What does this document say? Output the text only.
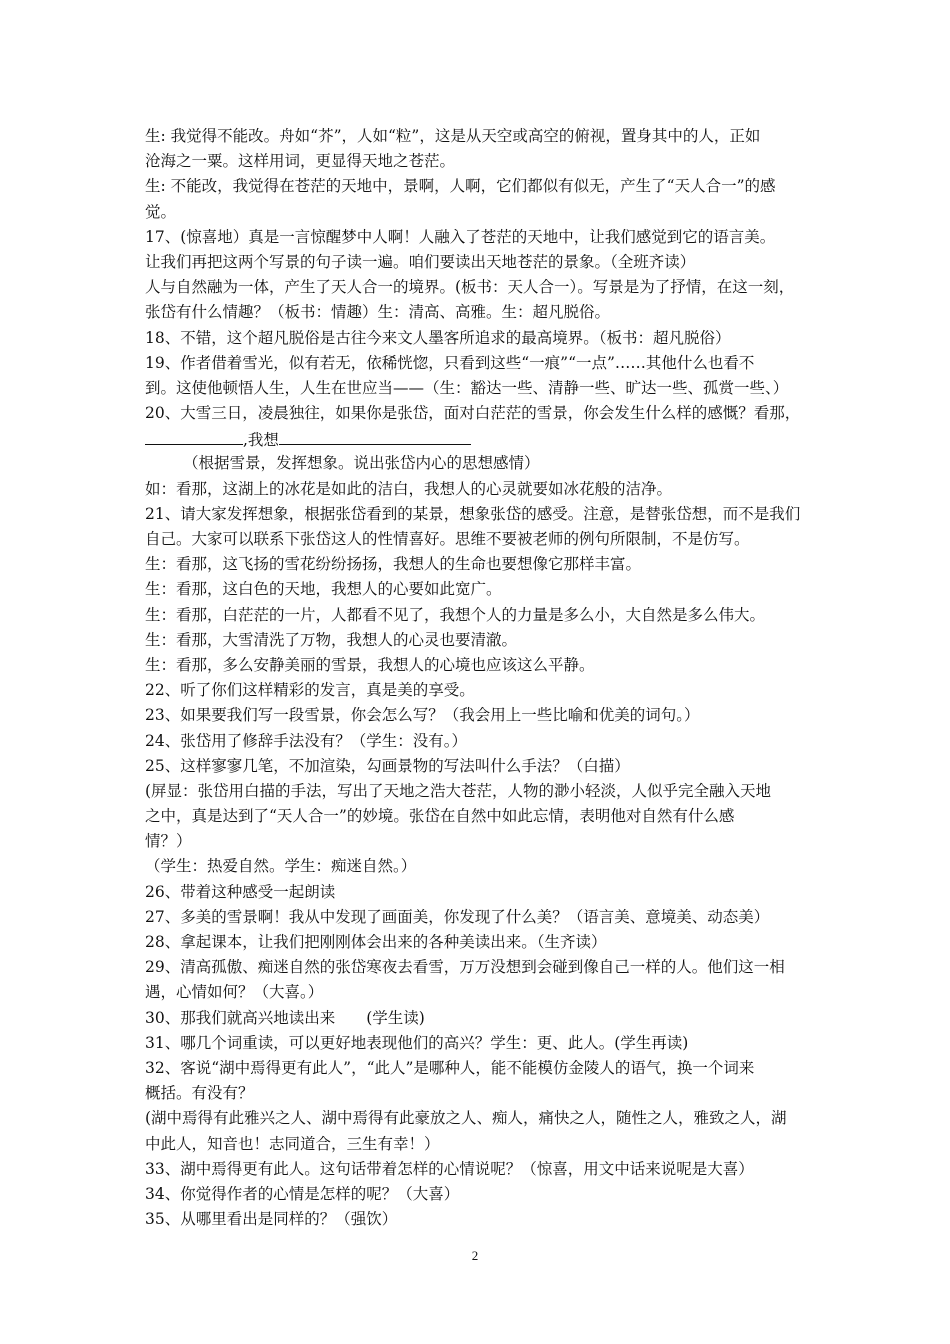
生: 我觉得不能改。舟如“芥”，人如“粒”，这是从天空或高空的俯视，置身其中的人，正如
沧海之一粟。这样用词，更显得天地之苍茫。
生: 不能改，我觉得在苍茫的天地中，景啊，人啊，它们都似有似无，产生了“天人合一”的感
觉。
17、(惊喜地）真是一言惊醒梦中人啊！人融入了苍茫的天地中，让我们感觉到它的语言美。
让我们再把这两个写景的句子读一遍。咱们要读出天地苍茫的景象。（全班齐读）
人与自然融为一体，产生了天人合一的境界。(板书：天人合一）。写景是为了抒情，在这一刻，
张岱有什么情趣？（板书：情趣）生：清高、高雅。生：超凡脱俗。
18、不错，这个超凡脱俗是古往今来文人墨客所追求的最高境界。（板书：超凡脱俗）
19、作者借着雪光，似有若无，依稀恍惚，只看到这些“一痕”“一点”……其他什么也看不
到。这使他顿悟人生，人生在世应当——（生：豁达一些、清静一些、旷达一些、孤赏一些、）
20、大雪三日，凌晨独往，如果你是张岱，面对白茫茫的雪景，你会发生什么样的感慨？看那，
,我想
（根据雪景，发挥想象。说出张岱内心的思想感情）
如：看那，这湖上的冰花是如此的洁白，我想人的心灵就要如冰花般的洁净。
21、请大家发挥想象，根据张岱看到的某景，想象张岱的感受。注意，是替张岱想，而不是我们
自己。大家可以联系下张岱这人的性情喜好。思维不要被老师的例句所限制，不是仿写。
生：看那，这飞扬的雪花纷纷扬扬，我想人的生命也要想像它那样丰富。
生：看那，这白色的天地，我想人的心要如此宽广。
生：看那，白茫茫的一片，人都看不见了，我想个人的力量是多么小，大自然是多么伟大。
生：看那，大雪清洗了万物，我想人的心灵也要清澈。
生：看那，多么安静美丽的雪景，我想人的心境也应该这么平静。
22、听了你们这样精彩的发言，真是美的享受。
23、如果要我们写一段雪景，你会怎么写？（我会用上一些比喻和优美的词句。）
24、张岱用了修辞手法没有？（学生：没有。）
25、这样寥寥几笔，不加渲染，勾画景物的写法叫什么手法？（白描）
(屏显：张岱用白描的手法，写出了天地之浩大苍茫，人物的渺小轻淡，人似乎完全融入天地
之中，真是达到了“天人合一”的妙境。张岱在自然中如此忘情，表明他对自然有什么感
情？）
（学生：热爱自然。学生：痴迷自然。）
26、带着这种感受一起朗读
27、多美的雪景啊！我从中发现了画面美，你发现了什么美？（语言美、意境美、动态美）
28、拿起课本，让我们把刚刚体会出来的各种美读出来。（生齐读）
29、清高孤傲、痴迷自然的张岱寒夜去看雪，万万没想到会碰到像自己一样的人。他们这一相
遇，心情如何？（大喜。）
30、那我们就高兴地读出来　　(学生读)
31、哪几个词重读，可以更好地表现他们的高兴？学生：更、此人。(学生再读)
32、客说“湖中焉得更有此人”，“此人”是哪种人，能不能模仿金陵人的语气，换一个词来
概括。有没有？
(湖中焉得有此雅兴之人、湖中焉得有此豪放之人、痴人，痛快之人，随性之人，雅致之人，湖
中此人，知音也！志同道合，三生有幸！）
33、湖中焉得更有此人。这句话带着怎样的心情说呢？（惊喜，用文中话来说呢是大喜）
34、你觉得作者的心情是怎样的呢？（大喜）
35、从哪里看出是同样的？（强饮）
2
